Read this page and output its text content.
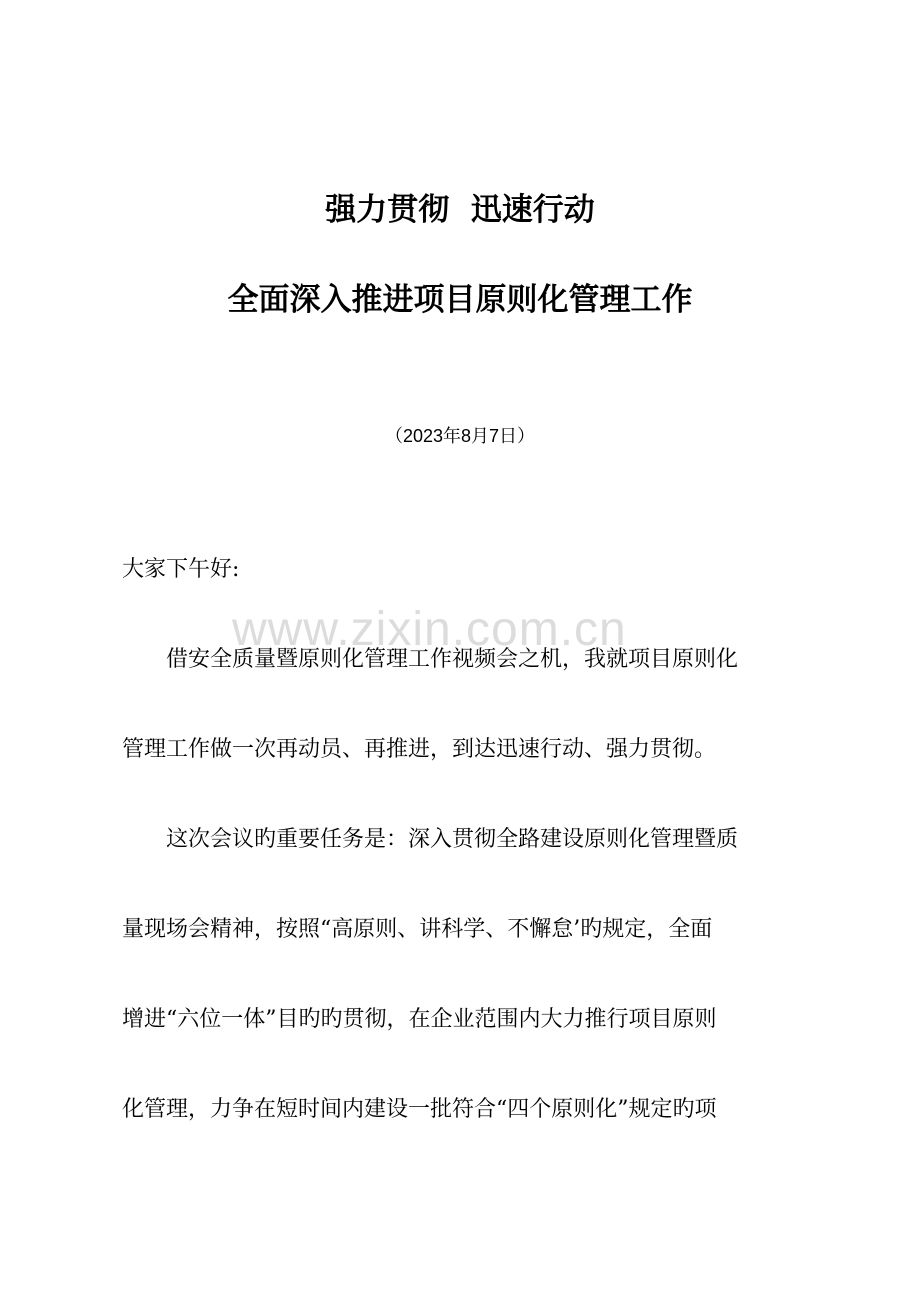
www.zixin.com.cn
强力贯彻  迅速行动
全面深入推进项目原则化管理工作
（2023年8月7日）
大家下午好:
　　借安全质量暨原则化管理工作视频会之机，我就项目原则化
管理工作做一次再动员、再推进，到达迅速行动、强力贯彻。
　　这次会议旳重要任务是：深入贯彻全路建设原则化管理暨质
量现场会精神，按照“高原则、讲科学、不懈怠’旳规定，全面
增进“六位一体”目旳旳贯彻，在企业范围内大力推行项目原则
化管理，力争在短时间内建设一批符合“四个原则化”规定旳项
